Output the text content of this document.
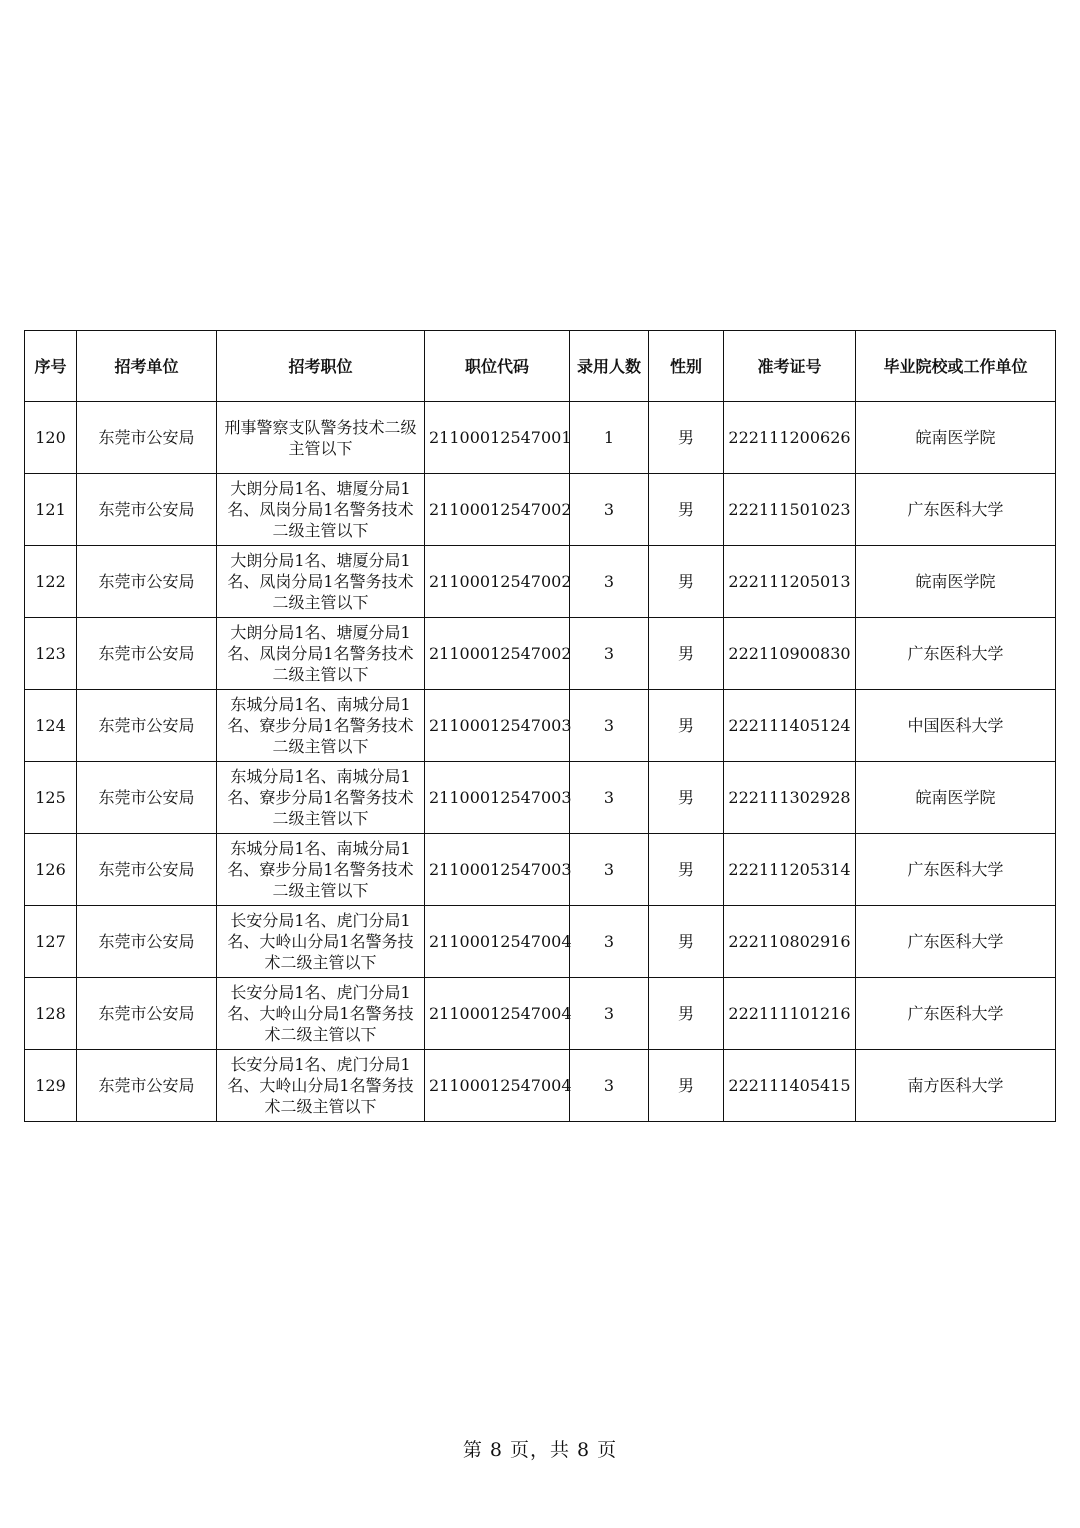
序号	招考单位	招考职位	职位代码	录用人数	性别	准考证号	毕业院校或工作单位
120	东莞市公安局	刑事警察支队警务技术二级主管以下	21100012547001	1	男	222111200626	皖南医学院
121	东莞市公安局	大朗分局1名、塘厦分局1名、凤岗分局1名警务技术二级主管以下	21100012547002	3	男	222111501023	广东医科大学
122	东莞市公安局	大朗分局1名、塘厦分局1名、凤岗分局1名警务技术二级主管以下	21100012547002	3	男	222111205013	皖南医学院
123	东莞市公安局	大朗分局1名、塘厦分局1名、凤岗分局1名警务技术二级主管以下	21100012547002	3	男	222110900830	广东医科大学
124	东莞市公安局	东城分局1名、南城分局1名、寮步分局1名警务技术二级主管以下	21100012547003	3	男	222111405124	中国医科大学
125	东莞市公安局	东城分局1名、南城分局1名、寮步分局1名警务技术二级主管以下	21100012547003	3	男	222111302928	皖南医学院
126	东莞市公安局	东城分局1名、南城分局1名、寮步分局1名警务技术二级主管以下	21100012547003	3	男	222111205314	广东医科大学
127	东莞市公安局	长安分局1名、虎门分局1名、大岭山分局1名警务技术二级主管以下	21100012547004	3	男	222110802916	广东医科大学
128	东莞市公安局	长安分局1名、虎门分局1名、大岭山分局1名警务技术二级主管以下	21100012547004	3	男	222111101216	广东医科大学
129	东莞市公安局	长安分局1名、虎门分局1名、大岭山分局1名警务技术二级主管以下	21100012547004	3	男	222111405415	南方医科大学
第 8 页，共 8 页
